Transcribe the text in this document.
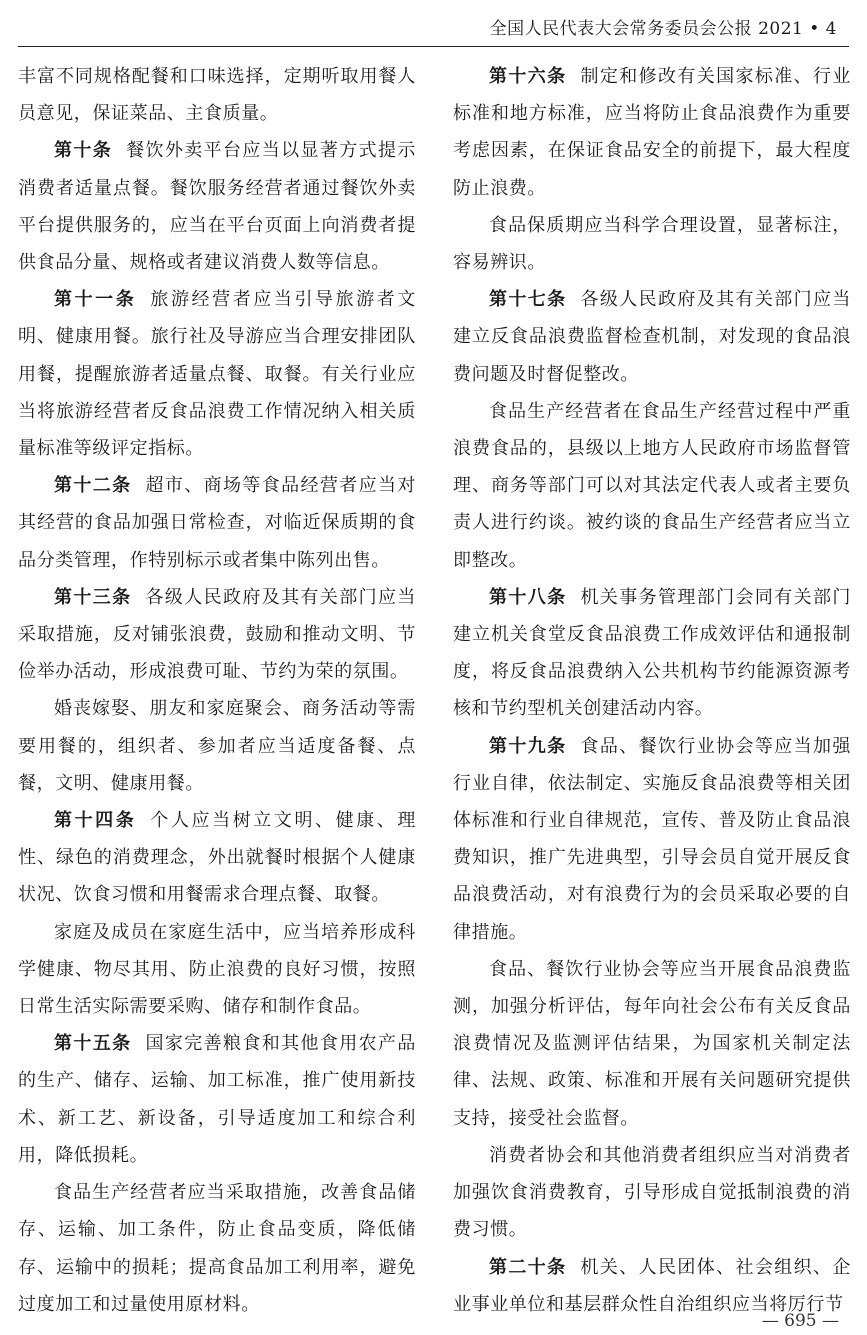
全国人民代表大会常务委员会公报 2021 • 4

丰富不同规格配餐和口味选择，定期听取用餐人员意见，保证菜品、主食质量。

第十条 餐饮外卖平台应当以显著方式提示消费者适量点餐。餐饮服务经营者通过餐饮外卖平台提供服务的，应当在平台页面上向消费者提供食品分量、规格或者建议消费人数等信息。

第十一条 旅游经营者应当引导旅游者文明、健康用餐。旅行社及导游应当合理安排团队用餐，提醒旅游者适量点餐、取餐。有关行业应当将旅游经营者反食品浪费工作情况纳入相关质量标准等级评定指标。

第十二条 超市、商场等食品经营者应当对其经营的食品加强日常检查，对临近保质期的食品分类管理，作特别标示或者集中陈列出售。

第十三条 各级人民政府及其有关部门应当采取措施，反对铺张浪费，鼓励和推动文明、节俭举办活动，形成浪费可耻、节约为荣的氛围。

婚丧嫁娶、朋友和家庭聚会、商务活动等需要用餐的，组织者、参加者应当适度备餐、点餐，文明、健康用餐。

第十四条 个人应当树立文明、健康、理性、绿色的消费理念，外出就餐时根据个人健康状况、饮食习惯和用餐需求合理点餐、取餐。

家庭及成员在家庭生活中，应当培养形成科学健康、物尽其用、防止浪费的良好习惯，按照日常生活实际需要采购、储存和制作食品。

第十五条 国家完善粮食和其他食用农产品的生产、储存、运输、加工标准，推广使用新技术、新工艺、新设备，引导适度加工和综合利用，降低损耗。

食品生产经营者应当采取措施，改善食品储存、运输、加工条件，防止食品变质，降低储存、运输中的损耗；提高食品加工利用率，避免过度加工和过量使用原材料。

第十六条 制定和修改有关国家标准、行业标准和地方标准，应当将防止食品浪费作为重要考虑因素，在保证食品安全的前提下，最大程度防止浪费。

食品保质期应当科学合理设置，显著标注，容易辨识。

第十七条 各级人民政府及其有关部门应当建立反食品浪费监督检查机制，对发现的食品浪费问题及时督促整改。

食品生产经营者在食品生产经营过程中严重浪费食品的，县级以上地方人民政府市场监督管理、商务等部门可以对其法定代表人或者主要负责人进行约谈。被约谈的食品生产经营者应当立即整改。

第十八条 机关事务管理部门会同有关部门建立机关食堂反食品浪费工作成效评估和通报制度，将反食品浪费纳入公共机构节约能源资源考核和节约型机关创建活动内容。

第十九条 食品、餐饮行业协会等应当加强行业自律，依法制定、实施反食品浪费等相关团体标准和行业自律规范，宣传、普及防止食品浪费知识，推广先进典型，引导会员自觉开展反食品浪费活动，对有浪费行为的会员采取必要的自律措施。

食品、餐饮行业协会等应当开展食品浪费监测，加强分析评估，每年向社会公布有关反食品浪费情况及监测评估结果，为国家机关制定法律、法规、政策、标准和开展有关问题研究提供支持，接受社会监督。

消费者协会和其他消费者组织应当对消费者加强饮食消费教育，引导形成自觉抵制浪费的消费习惯。

第二十条 机关、人民团体、社会组织、企业事业单位和基层群众性自治组织应当将厉行节

— 695 —
